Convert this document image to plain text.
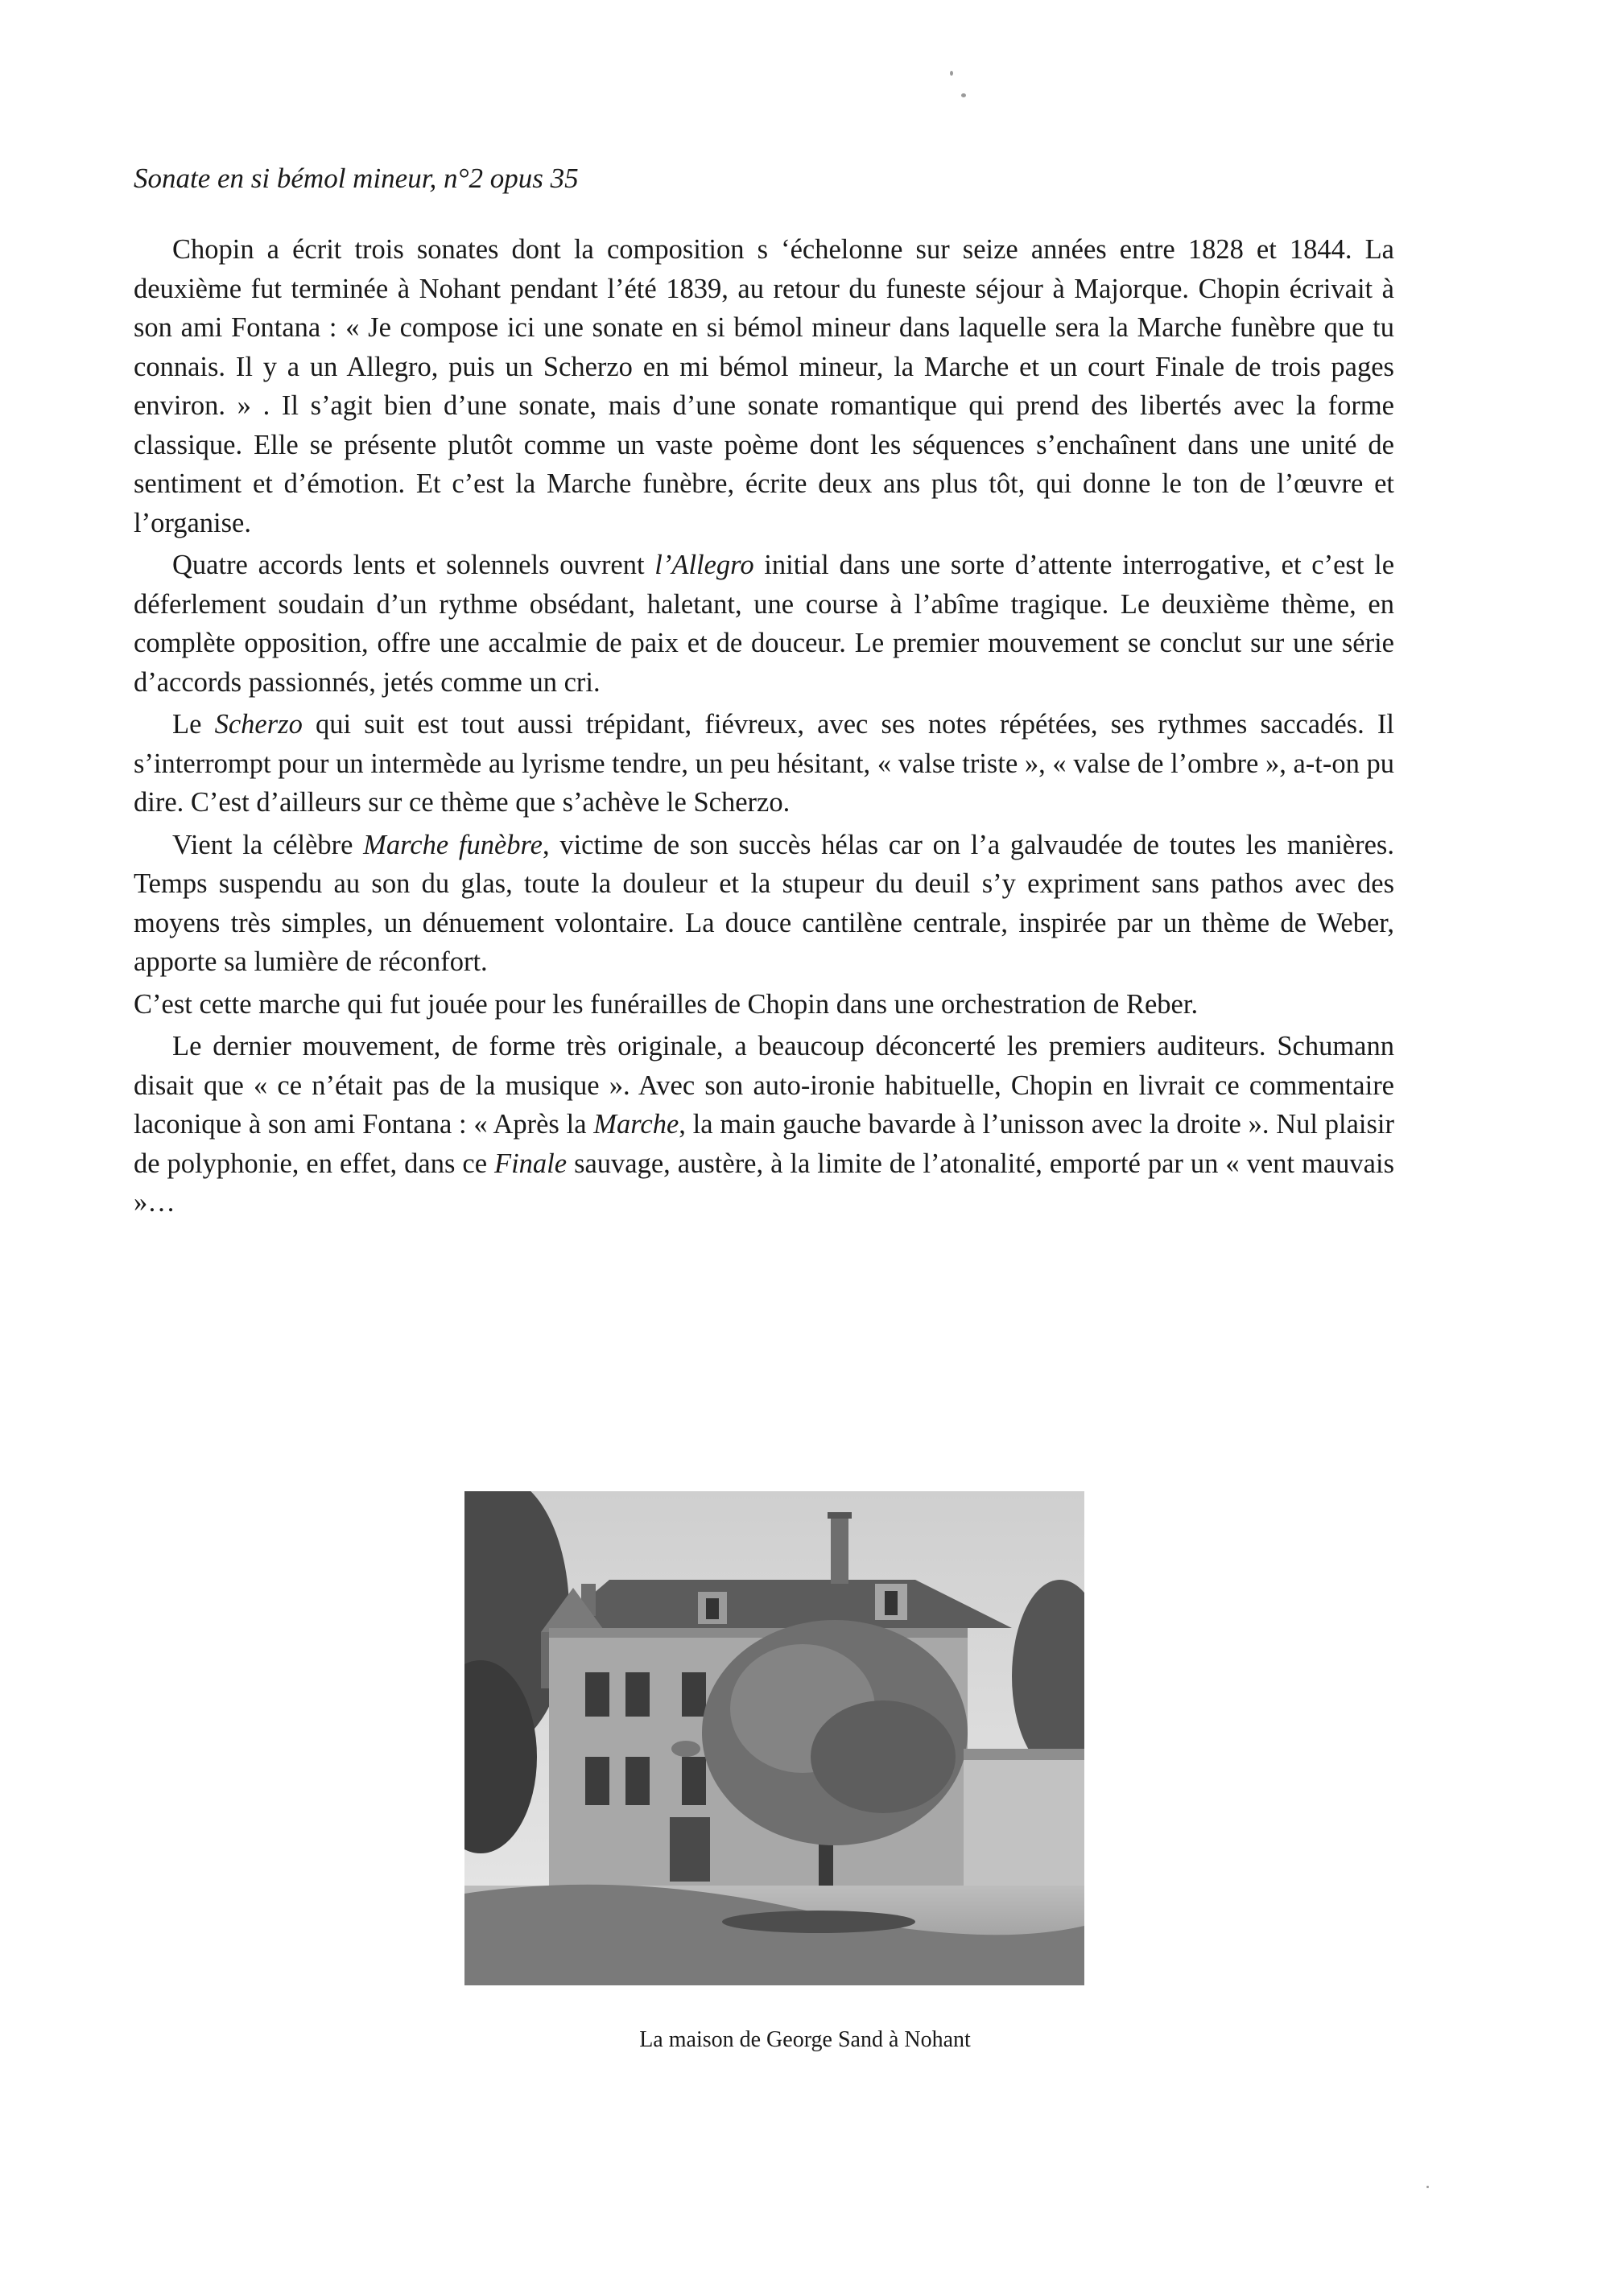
Sonate en si bémol mineur, n°2 opus 35

Chopin a écrit trois sonates dont la composition s ‘échelonne sur seize années entre 1828 et 1844. La deuxième fut terminée à Nohant pendant l’été 1839, au retour du funeste séjour à Majorque. Chopin écrivait à son ami Fontana : « Je compose ici une sonate en si bémol mineur dans laquelle sera la Marche funèbre que tu connais. Il y a un Allegro, puis un Scherzo en mi bémol mineur, la Marche et un court Finale de trois pages environ. » . Il s’agit bien d’une sonate, mais d’une sonate romantique qui prend des libertés avec la forme classique. Elle se présente plutôt comme un vaste poème dont les séquences s’enchaînent dans une unité de sentiment et d’émotion. Et c’est la Marche funèbre, écrite deux ans plus tôt, qui donne le ton de l’œuvre et l’organise.

Quatre accords lents et solennels ouvrent l’Allegro initial dans une sorte d’attente interrogative, et c’est le déferlement soudain d’un rythme obsédant, haletant, une course à l’abîme tragique. Le deuxième thème, en complète opposition, offre une accalmie de paix et de douceur. Le premier mouvement se conclut sur une série d’accords passionnés, jetés comme un cri.

Le Scherzo qui suit est tout aussi trépidant, fiévreux, avec ses notes répétées, ses rythmes saccadés. Il s’interrompt pour un intermède au lyrisme tendre, un peu hésitant, « valse triste », « valse de l’ombre », a-t-on pu dire. C’est d’ailleurs sur ce thème que s’achève le Scherzo.

Vient la célèbre Marche funèbre, victime de son succès hélas car on l’a galvaudée de toutes les manières. Temps suspendu au son du glas, toute la douleur et la stupeur du deuil s’y expriment sans pathos avec des moyens très simples, un dénuement volontaire. La douce cantilène centrale, inspirée par un thème de Weber, apporte sa lumière de réconfort.

C’est cette marche qui fut jouée pour les funérailles de Chopin dans une orchestration de Reber.

Le dernier mouvement, de forme très originale, a beaucoup déconcerté les premiers auditeurs. Schumann disait que « ce n’était pas de la musique ». Avec son auto-ironie habituelle, Chopin en livrait ce commentaire laconique à son ami Fontana : « Après la Marche, la main gauche bavarde à l’unisson avec la droite ». Nul plaisir de polyphonie, en effet, dans ce Finale sauvage, austère, à la limite de l’atonalité, emporté par un « vent mauvais »…

La maison de George Sand à Nohant
